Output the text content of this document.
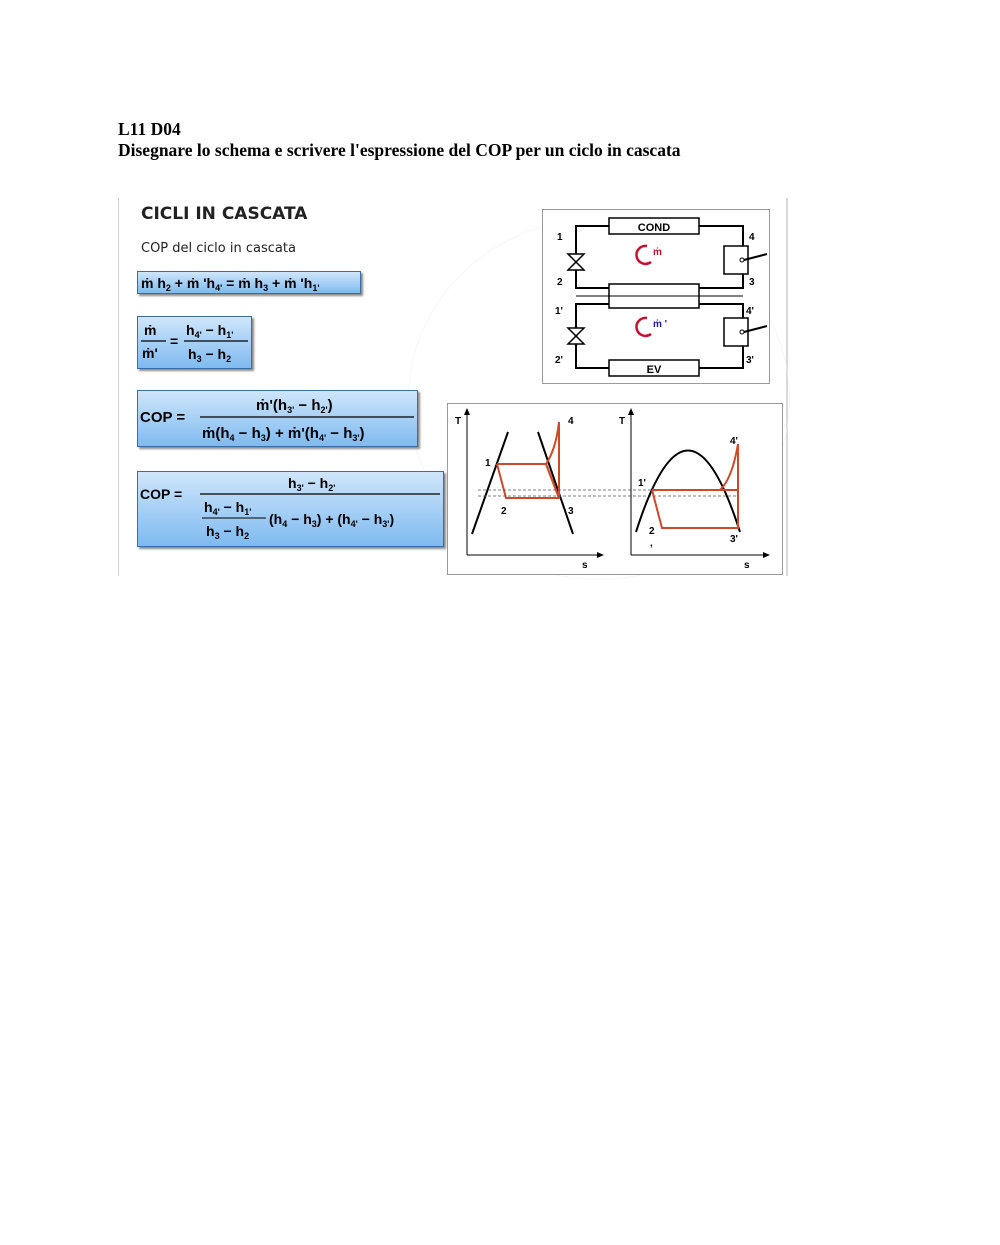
L11 D04
Disegnare lo schema e scrivere l'espressione del COP per un ciclo in cascata
CICLI IN CASCATA
COP del ciclo in cascata
ṁ $h_2$ + ṁ '$h_{4'}$ = ṁ $h_3$ + ṁ '$h_{1'}$
ṁ
ṁ'
=
$h_{4'} - h_{1'}$
$h_3 - h_2$
COP =
$ṁ'(h_{3'} - h_{2'})$
$ṁ(h_4 - h_3)$ + $ṁ'(h_{4'} - h_{3'})$
COP =
$h_{3'} - h_{2'}$
$h_{4'} - h_{1'}$
$h_3 - h_2$
$(h_4 - h_3) + (h_{4'} - h_{3'})$
COND
EV
ṁ
ṁ '
1
2
4
3
1'
2'
4'
3'
T
s
1
2	3
4	T
s
1'
2
,	3'
4'
